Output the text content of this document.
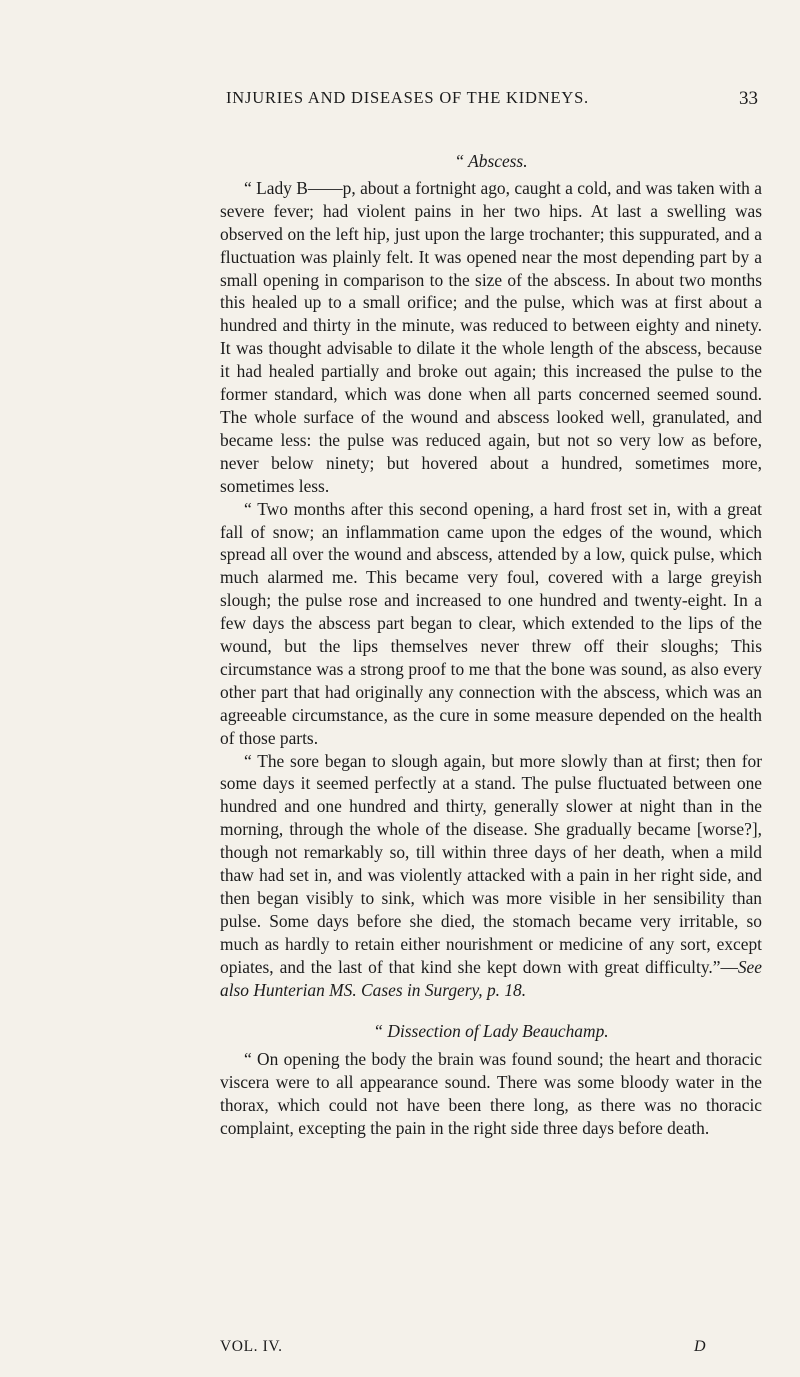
INJURIES AND DISEASES OF THE KIDNEYS.	33

“ Abscess.

“ Lady B——p, about a fortnight ago, caught a cold, and was taken with a severe fever; had violent pains in her two hips. At last a swelling was observed on the left hip, just upon the large trochanter; this suppurated, and a fluctuation was plainly felt. It was opened near the most depending part by a small opening in comparison to the size of the abscess. In about two months this healed up to a small orifice; and the pulse, which was at first about a hundred and thirty in the minute, was reduced to between eighty and ninety. It was thought advisable to dilate it the whole length of the abscess, because it had healed partially and broke out again; this increased the pulse to the former standard, which was done when all parts concerned seemed sound. The whole surface of the wound and abscess looked well, granulated, and became less: the pulse was reduced again, but not so very low as before, never below ninety; but hovered about a hundred, sometimes more, sometimes less.

“ Two months after this second opening, a hard frost set in, with a great fall of snow; an inflammation came upon the edges of the wound, which spread all over the wound and abscess, attended by a low, quick pulse, which much alarmed me. This became very foul, covered with a large greyish slough; the pulse rose and increased to one hundred and twenty-eight. In a few days the abscess part began to clear, which extended to the lips of the wound, but the lips themselves never threw off their sloughs; This circumstance was a strong proof to me that the bone was sound, as also every other part that had originally any connection with the abscess, which was an agreeable circumstance, as the cure in some measure depended on the health of those parts.

“ The sore began to slough again, but more slowly than at first; then for some days it seemed perfectly at a stand. The pulse fluctuated between one hundred and one hundred and thirty, generally slower at night than in the morning, through the whole of the disease. She gradually became [worse?], though not remarkably so, till within three days of her death, when a mild thaw had set in, and was violently attacked with a pain in her right side, and then began visibly to sink, which was more visible in her sensibility than pulse. Some days before she died, the stomach became very irritable, so much as hardly to retain either nourishment or medicine of any sort, except opiates, and the last of that kind she kept down with great difficulty.”—See also Hunterian MS. Cases in Surgery, p. 18.

“ Dissection of Lady Beauchamp.

“ On opening the body the brain was found sound; the heart and thoracic viscera were to all appearance sound. There was some bloody water in the thorax, which could not have been there long, as there was no thoracic complaint, excepting the pain in the right side three days before death.

VOL. IV.	D
